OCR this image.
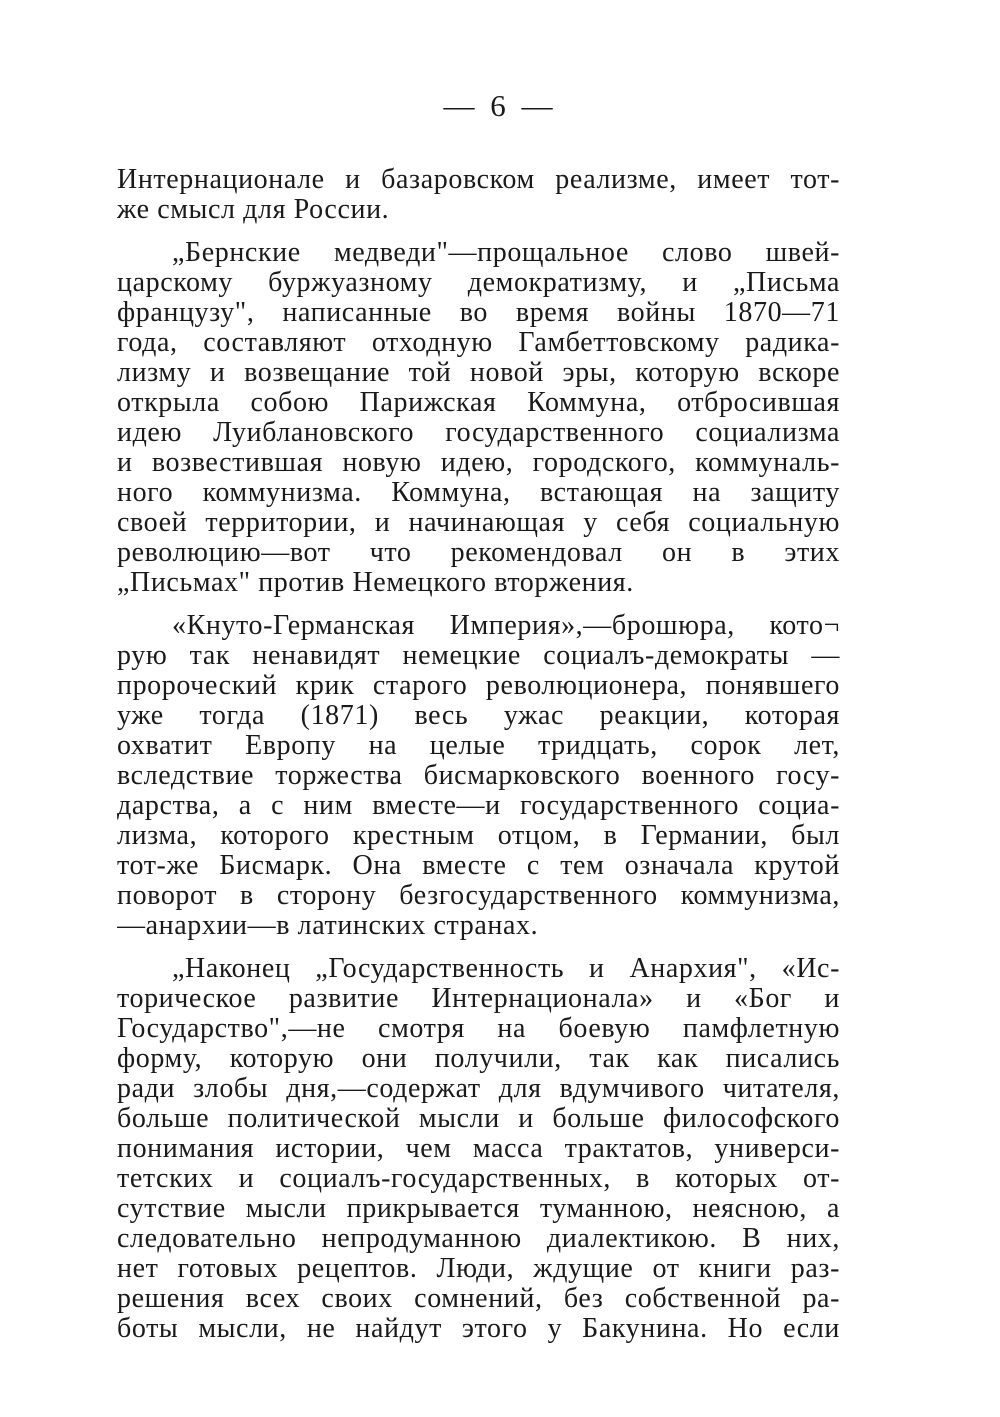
— 6 —

Интернационале и базаровском реализме, имеет тот-
же смысл для России.

„Бернские медведи"—прощальное слово швей-
царскому буржуазному демократизму, и „Письма
французу", написанные во время войны 1870—71
года, составляют отходную Гамбеттовскому радика-
лизму и возвещание той новой эры, которую вскоре
открыла собою Парижская Коммуна, отбросившая
идею Луиблановского государственного социализма
и возвестившая новую идею, городского, коммуналь-
ного коммунизма. Коммуна, встающая на защиту
своей территории, и начинающая у себя социальную
революцию—вот что рекомендовал он в этих
„Письмах" против Немецкого вторжения.

«Кнуто-Германская Империя»,—брошюра, кото¬
рую так ненавидят немецкие социалъ-демократы —
пророческий крик старого революционера, понявшего
уже тогда (1871) весь ужас реакции, которая
охватит Европу на целые тридцать, сорок лет,
вследствие торжества бисмарковского военного госу-
дарства, а с ним вместе—и государственного социа-
лизма, которого крестным отцом, в Германии, был
тот-же Бисмарк. Она вместе с тем означала крутой
поворот в сторону безгосударственного коммунизма,
—анархии—в латинских странах.

„Наконец „Государственность и Анархия", «Ис-
торическое развитие Интернационала» и «Бог и
Государство",—не смотря на боевую памфлетную
форму, которую они получили, так как писались
ради злобы дня,—содержат для вдумчивого читателя,
больше политической мысли и больше философского
понимания истории, чем масса трактатов, универси-
тетских и социалъ-государственных, в которых от-
сутствие мысли прикрывается туманною, неясною, а
следовательно непродуманною диалектикою. В них,
нет готовых рецептов. Люди, ждущие от книги раз-
решения всех своих сомнений, без собственной ра-
боты мысли, не найдут этого у Бакунина. Но если
